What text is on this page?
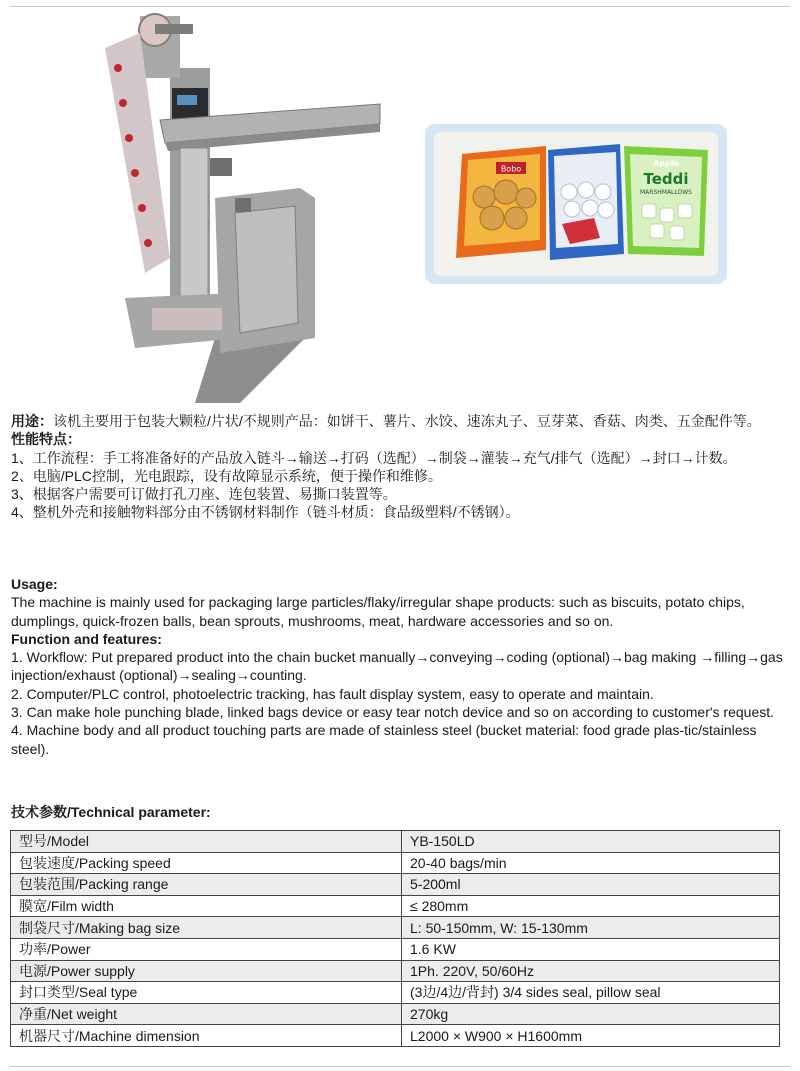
Bobo
Apple
Teddi
MARSHMALLOWS

用途：该机主要用于包装大颗粒/片状/不规则产品：如饼干、薯片、水饺、速冻丸子、豆芽菜、香菇、肉类、五金配件等。

性能特点：

1、工作流程：手工将准备好的产品放入链斗→输送→打码（选配）→制袋→灌装→充气/排气（选配）→封口→计数。

2、电脑/PLC控制，光电跟踪，设有故障显示系统，便于操作和维修。

3、根据客户需要可订做打孔刀座、连包装置、易撕口装置等。

4、整机外壳和接触物料部分由不锈钢材料制作（链斗材质：食品级塑料/不锈钢）。

Usage:

The machine is mainly used for packaging large particles/flaky/irregular shape products: such as biscuits, potato chips, dumplings, quick-frozen balls, bean sprouts, mushrooms, meat, hardware accessories and so on.

Function and features:

1. Workflow: Put prepared product into the chain bucket manually→conveying→coding (optional)→bag making →filling→gas injection/exhaust (optional)→sealing→counting.

2. Computer/PLC control, photoelectric tracking, has fault display system, easy to operate and maintain.

3. Can make hole punching blade, linked bags device or easy tear notch device and so on according to customer's request.

4. Machine body and all product touching parts are made of stainless steel (bucket material: food grade plas-tic/stainless steel).

技术参数/Technical parameter:
型号/Model	YB-150LD
包装速度/Packing speed	20-40 bags/min
包装范围/Packing range	5-200ml
膜宽/Film width	≤ 280mm
制袋尺寸/Making bag size	L: 50-150mm, W: 15-130mm
功率/Power	1.6 KW
电源/Power supply	1Ph. 220V, 50/60Hz
封口类型/Seal type	(3边/4边/背封) 3/4 sides seal, pillow seal
净重/Net weight	270kg
机器尺寸/Machine dimension	L2000 × W900 × H1600mm
